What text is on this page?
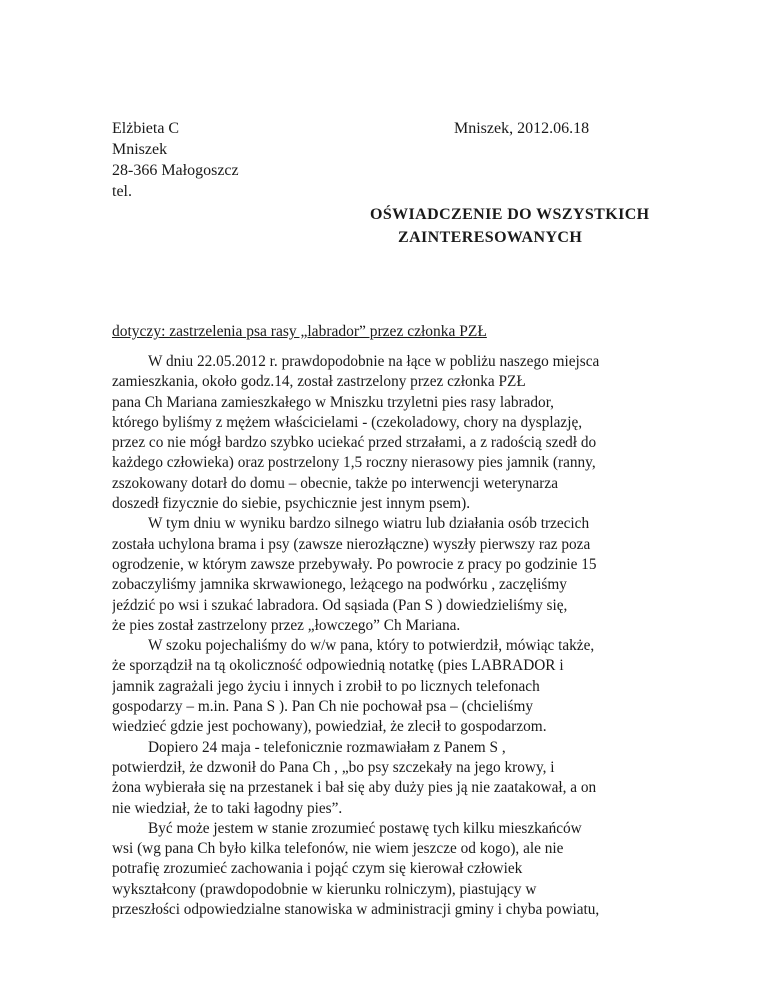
Elżbieta C
Mniszek
28-366 Małogoszcz
tel.
Mniszek, 2012.06.18
OŚWIADCZENIE DO WSZYSTKICH
ZAINTERESOWANYCH
dotyczy: zastrzelenia psa rasy „labrador” przez członka PZŁ
W dniu 22.05.2012 r. prawdopodobnie na łące w pobliżu naszego miejsca
zamieszkania, około godz.14, został zastrzelony przez członka PZŁ
pana Ch Mariana zamieszkałego w Mniszku trzyletni pies rasy labrador,
którego byliśmy z mężem właścicielami - (czekoladowy, chory na dysplazję,
przez co nie mógł bardzo szybko uciekać przed strzałami, a z radością szedł do
każdego człowieka) oraz postrzelony 1,5 roczny nierasowy pies jamnik (ranny,
zszokowany dotarł do domu – obecnie, także po interwencji weterynarza
doszedł fizycznie do siebie, psychicznie jest innym psem).
W tym dniu w wyniku bardzo silnego wiatru lub działania osób trzecich
została uchylona brama i psy (zawsze nierozłączne) wyszły pierwszy raz poza
ogrodzenie, w którym zawsze przebywały. Po powrocie z pracy po godzinie 15
zobaczyliśmy jamnika skrwawionego, leżącego na podwórku , zaczęliśmy
jeździć po wsi i szukać labradora. Od sąsiada (Pan S ) dowiedzieliśmy się,
że pies został zastrzelony przez „łowczego” Ch Mariana.
W szoku pojechaliśmy do w/w pana, który to potwierdził, mówiąc także,
że sporządził na tą okoliczność odpowiednią notatkę (pies LABRADOR i
jamnik zagrażali jego życiu i innych i zrobił to po licznych telefonach
gospodarzy – m.in. Pana S ). Pan Ch nie pochował psa – (chcieliśmy
wiedzieć gdzie jest pochowany), powiedział, że zlecił to gospodarzom.
Dopiero 24 maja - telefonicznie rozmawiałam z Panem S ,
potwierdził, że dzwonił do Pana Ch , „bo psy szczekały na jego krowy, i
żona wybierała się na przestanek i bał się aby duży pies ją nie zaatakował, a on
nie wiedział, że to taki łagodny pies”.
Być może jestem w stanie zrozumieć postawę tych kilku mieszkańców
wsi (wg pana Ch było kilka telefonów, nie wiem jeszcze od kogo), ale nie
potrafię zrozumieć zachowania i pojąć czym się kierował człowiek
wykształcony (prawdopodobnie w kierunku rolniczym), piastujący w
przeszłości odpowiedzialne stanowiska w administracji gminy i chyba powiatu,
